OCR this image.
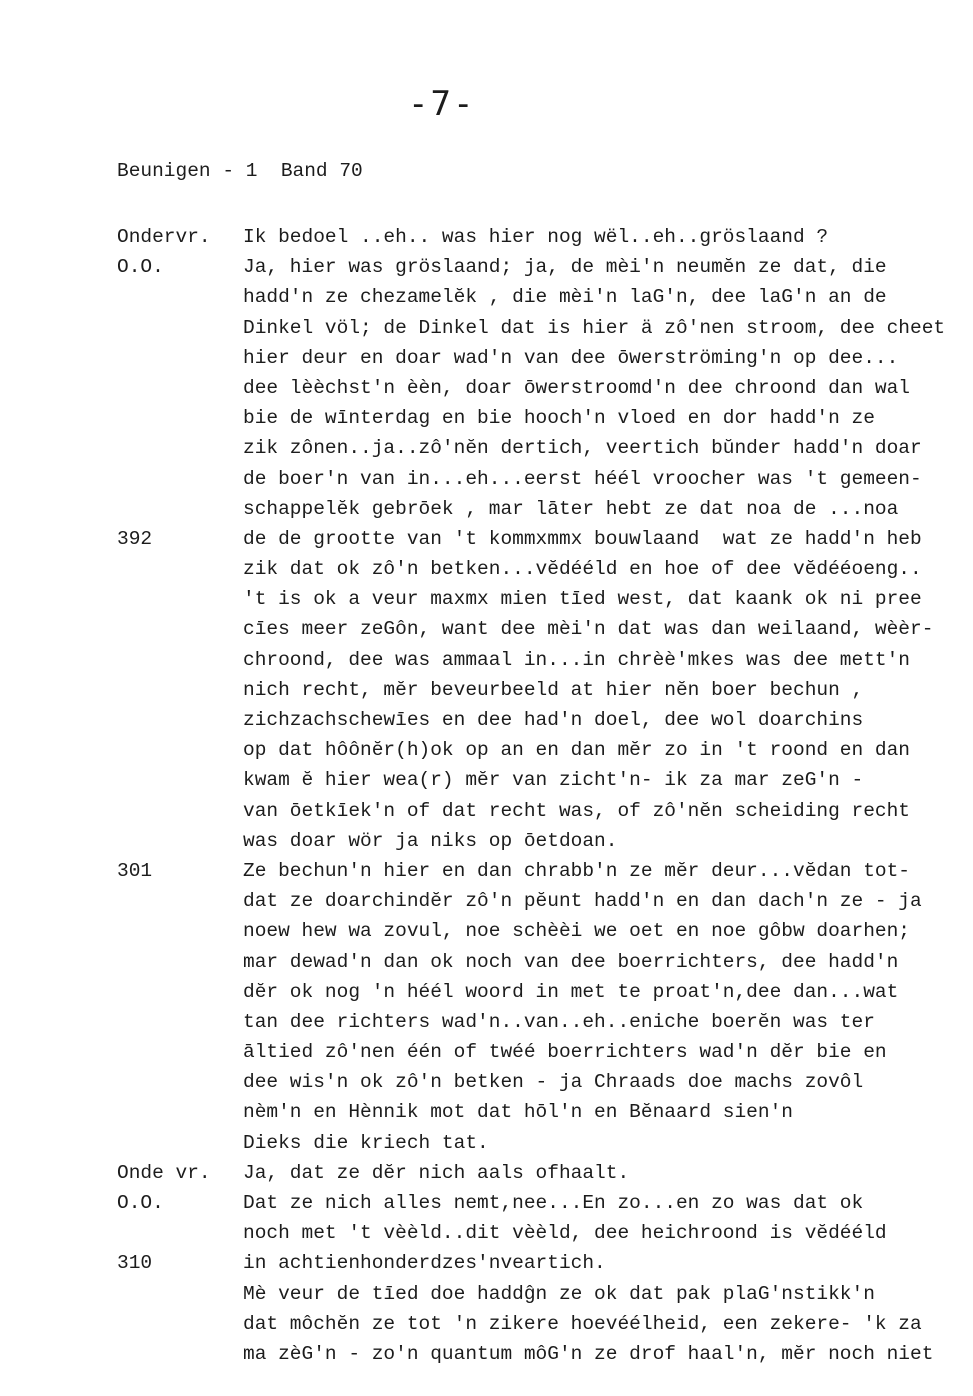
-7-
Beunigen - 1  Band 70
Ondervr.	Ik bedoel ..eh.. was hier nog wël..eh..gröslaand ?
O.O.	Ja, hier was gröslaand; ja, de mèi'n neumĕn ze dat, die
hadd'n ze chezamelĕk , die mèi'n laG'n, dee laG'n an de
Dinkel völ; de Dinkel dat is hier ä zô'nen stroom, dee cheet
hier deur en doar wad'n van dee ōwerströming'n op dee...
dee lèèchst'n èèn, doar ōwerstroomd'n dee chroond dan wal
bie de wīnterdag en bie hooch'n vloed en dor hadd'n ze
zik zônen..ja..zô'nĕn dertich, veertich bŭnder hadd'n doar
de boer'n van in...eh...eerst héél vroocher was 't gemeen-
schappelĕk gebrōek , mar lāter hebt ze dat noa de ...noa
392	de de grootte van 't kommxmmx bouwlaand  wat ze hadd'n heb
zik dat ok zô'n betken...vĕdééld en hoe of dee vĕdééoeng..
't is ok a veur maxmx mien tīed west, dat kaank ok ni pree
cīes meer zeGôn, want dee mèi'n dat was dan weilaand, wèèr-
chroond, dee was ammaal in...in chrèè'mkes was dee mett'n
nich recht, mĕr beveurbeeld at hier nĕn boer bechun ,
zichzachschewīes en dee had'n doel, dee wol doarchins
op dat hôônĕr(h)ok op an en dan mĕr zo in 't roond en dan
kwam ĕ hier wea(r) mĕr van zicht'n- ik za mar zeG'n -
van ōetkīek'n of dat recht was, of zô'nĕn scheiding recht
was doar wör ja niks op ōetdoan.
301	Ze bechun'n hier en dan chrabb'n ze mĕr deur...vĕdan tot-
dat ze doarchindĕr zô'n pĕunt hadd'n en dan dach'n ze - ja
noew hew wa zovul, noe schèèi we oet en noe gôbw doarhen;
mar dewad'n dan ok noch van dee boerrichters, dee hadd'n
dĕr ok nog 'n héél woord in met te proat'n,dee dan...wat
tan dee richters wad'n..van..eh..eniche boerĕn was ter
āltied zô'nen één of twéé boerrichters wad'n dĕr bie en
dee wis'n ok zô'n betken - ja Chraads doe machs zovôl
nèm'n en Hènnik mot dat hōl'n en Bĕnaard sien'n
Dieks die kriech tat.
Onde vr.	Ja, dat ze dĕr nich aals ofhaalt.
O.O.	Dat ze nich alles nemt,nee...En zo...en zo was dat ok
noch met 't vèèld..dit vèèld, dee heichroond is vĕdééld
310	in achtienhonderdzes'nveartich.
Mè veur de tīed doe haddĝn ze ok dat pak plaG'nstikk'n
dat môchĕn ze tot 'n zikere hoevéélheid, een zekere- 'k za
ma zèG'n - zo'n quantum môG'n ze drof haal'n, mĕr noch niet
